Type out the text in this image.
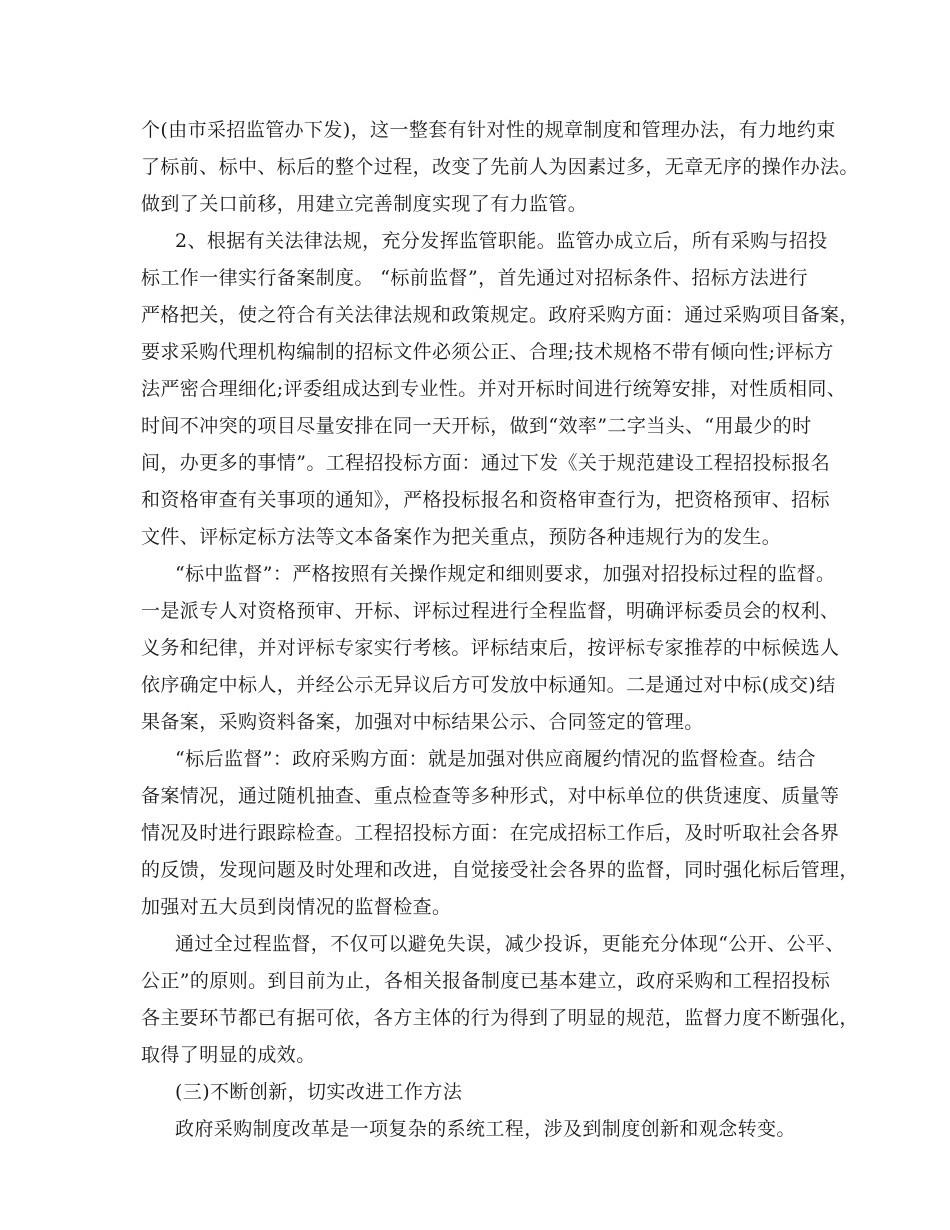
个(由市采招监管办下发)，这一整套有针对性的规章制度和管理办法，有力地约束
了标前、标中、标后的整个过程，改变了先前人为因素过多，无章无序的操作办法。
做到了关口前移，用建立完善制度实现了有力监管。
2、根据有关法律法规，充分发挥监管职能。监管办成立后，所有采购与招投
标工作一律实行备案制度。 “标前监督”，首先通过对招标条件、招标方法进行
严格把关，使之符合有关法律法规和政策规定。政府采购方面：通过采购项目备案，
要求采购代理机构编制的招标文件必须公正、合理;技术规格不带有倾向性;评标方
法严密合理细化;评委组成达到专业性。并对开标时间进行统筹安排，对性质相同、
时间不冲突的项目尽量安排在同一天开标，做到“效率”二字当头、“用最少的时
间，办更多的事情”。工程招投标方面：通过下发《关于规范建设工程招投标报名
和资格审查有关事项的通知》，严格投标报名和资格审查行为，把资格预审、招标
文件、评标定标方法等文本备案作为把关重点，预防各种违规行为的发生。
“标中监督”：严格按照有关操作规定和细则要求，加强对招投标过程的监督。
一是派专人对资格预审、开标、评标过程进行全程监督，明确评标委员会的权利、
义务和纪律，并对评标专家实行考核。评标结束后，按评标专家推荐的中标候选人
依序确定中标人，并经公示无异议后方可发放中标通知。二是通过对中标(成交)结
果备案，采购资料备案，加强对中标结果公示、合同签定的管理。
“标后监督”：政府采购方面：就是加强对供应商履约情况的监督检查。结合
备案情况，通过随机抽查、重点检查等多种形式，对中标单位的供货速度、质量等
情况及时进行跟踪检查。工程招投标方面：在完成招标工作后，及时听取社会各界
的反馈，发现问题及时处理和改进，自觉接受社会各界的监督，同时强化标后管理，
加强对五大员到岗情况的监督检查。
通过全过程监督，不仅可以避免失误，减少投诉，更能充分体现“公开、公平、
公正”的原则。到目前为止，各相关报备制度已基本建立，政府采购和工程招投标
各主要环节都已有据可依，各方主体的行为得到了明显的规范，监督力度不断强化，
取得了明显的成效。
(三)不断创新，切实改进工作方法
政府采购制度改革是一项复杂的系统工程，涉及到制度创新和观念转变。
